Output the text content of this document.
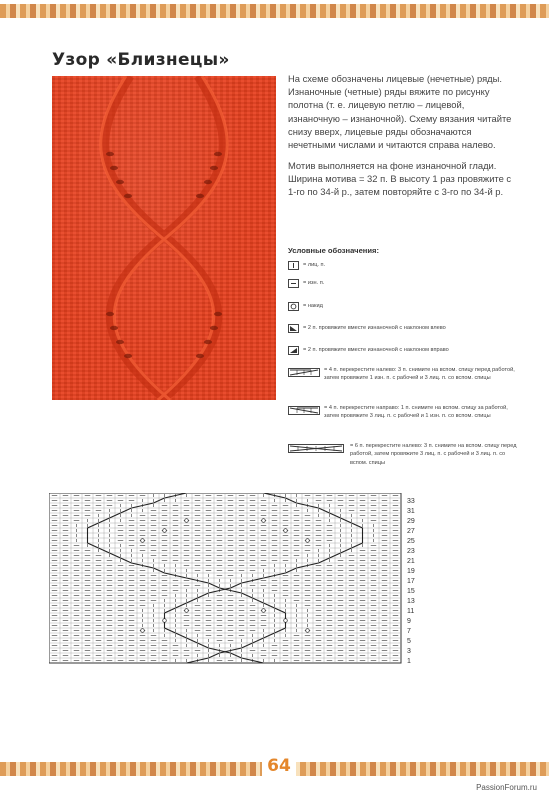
Узор «Близнецы»

На схеме обозначены лицевые (нечетные) ряды. Изнаночные (четные) ряды вяжите по рисунку полотна (т. е. лицевую петлю – лицевой, изнаночную – изнаночной). Схему вязания читайте снизу вверх, лицевые ряды обозначаются нечетными числами и читаются справа налево.

Мотив выполняется на фоне изнаночной глади. Ширина мотива = 32 п. В высоту 1 раз провяжите с 1-го по 34-й р., затем повторяйте с 3-го по 34-й р.

Условные обозначения:

= лиц. п.
= изн. п.
= накид
= 2 п. провяжите вместе изнаночной с наклоном влево
= 2 п. провяжите вместе изнаночной с наклоном вправо
= 4 п. перекрестите налево: 3 п. снимите на вспом. спицу перед работой, затем провяжите 1 изн. п. с рабочей и 3 лиц. п. со вспом. спицы
= 4 п. перекрестите направо: 1 п. снимите на вспом. спицу за работой, затем провяжите 3 лиц. п. с рабочей и 1 изн. п. со вспом. спицы
= 6 п. перекрестите налево: 3 п. снимите на вспом. спицу перед работой, затем провяжите 3 лиц. п. с рабочей и 3 лиц. п. со вспом. спицы
1
3
5
7
9
11
13
15
17
19
21
23
25
27
29
31
33
64
PassionForum.ru
